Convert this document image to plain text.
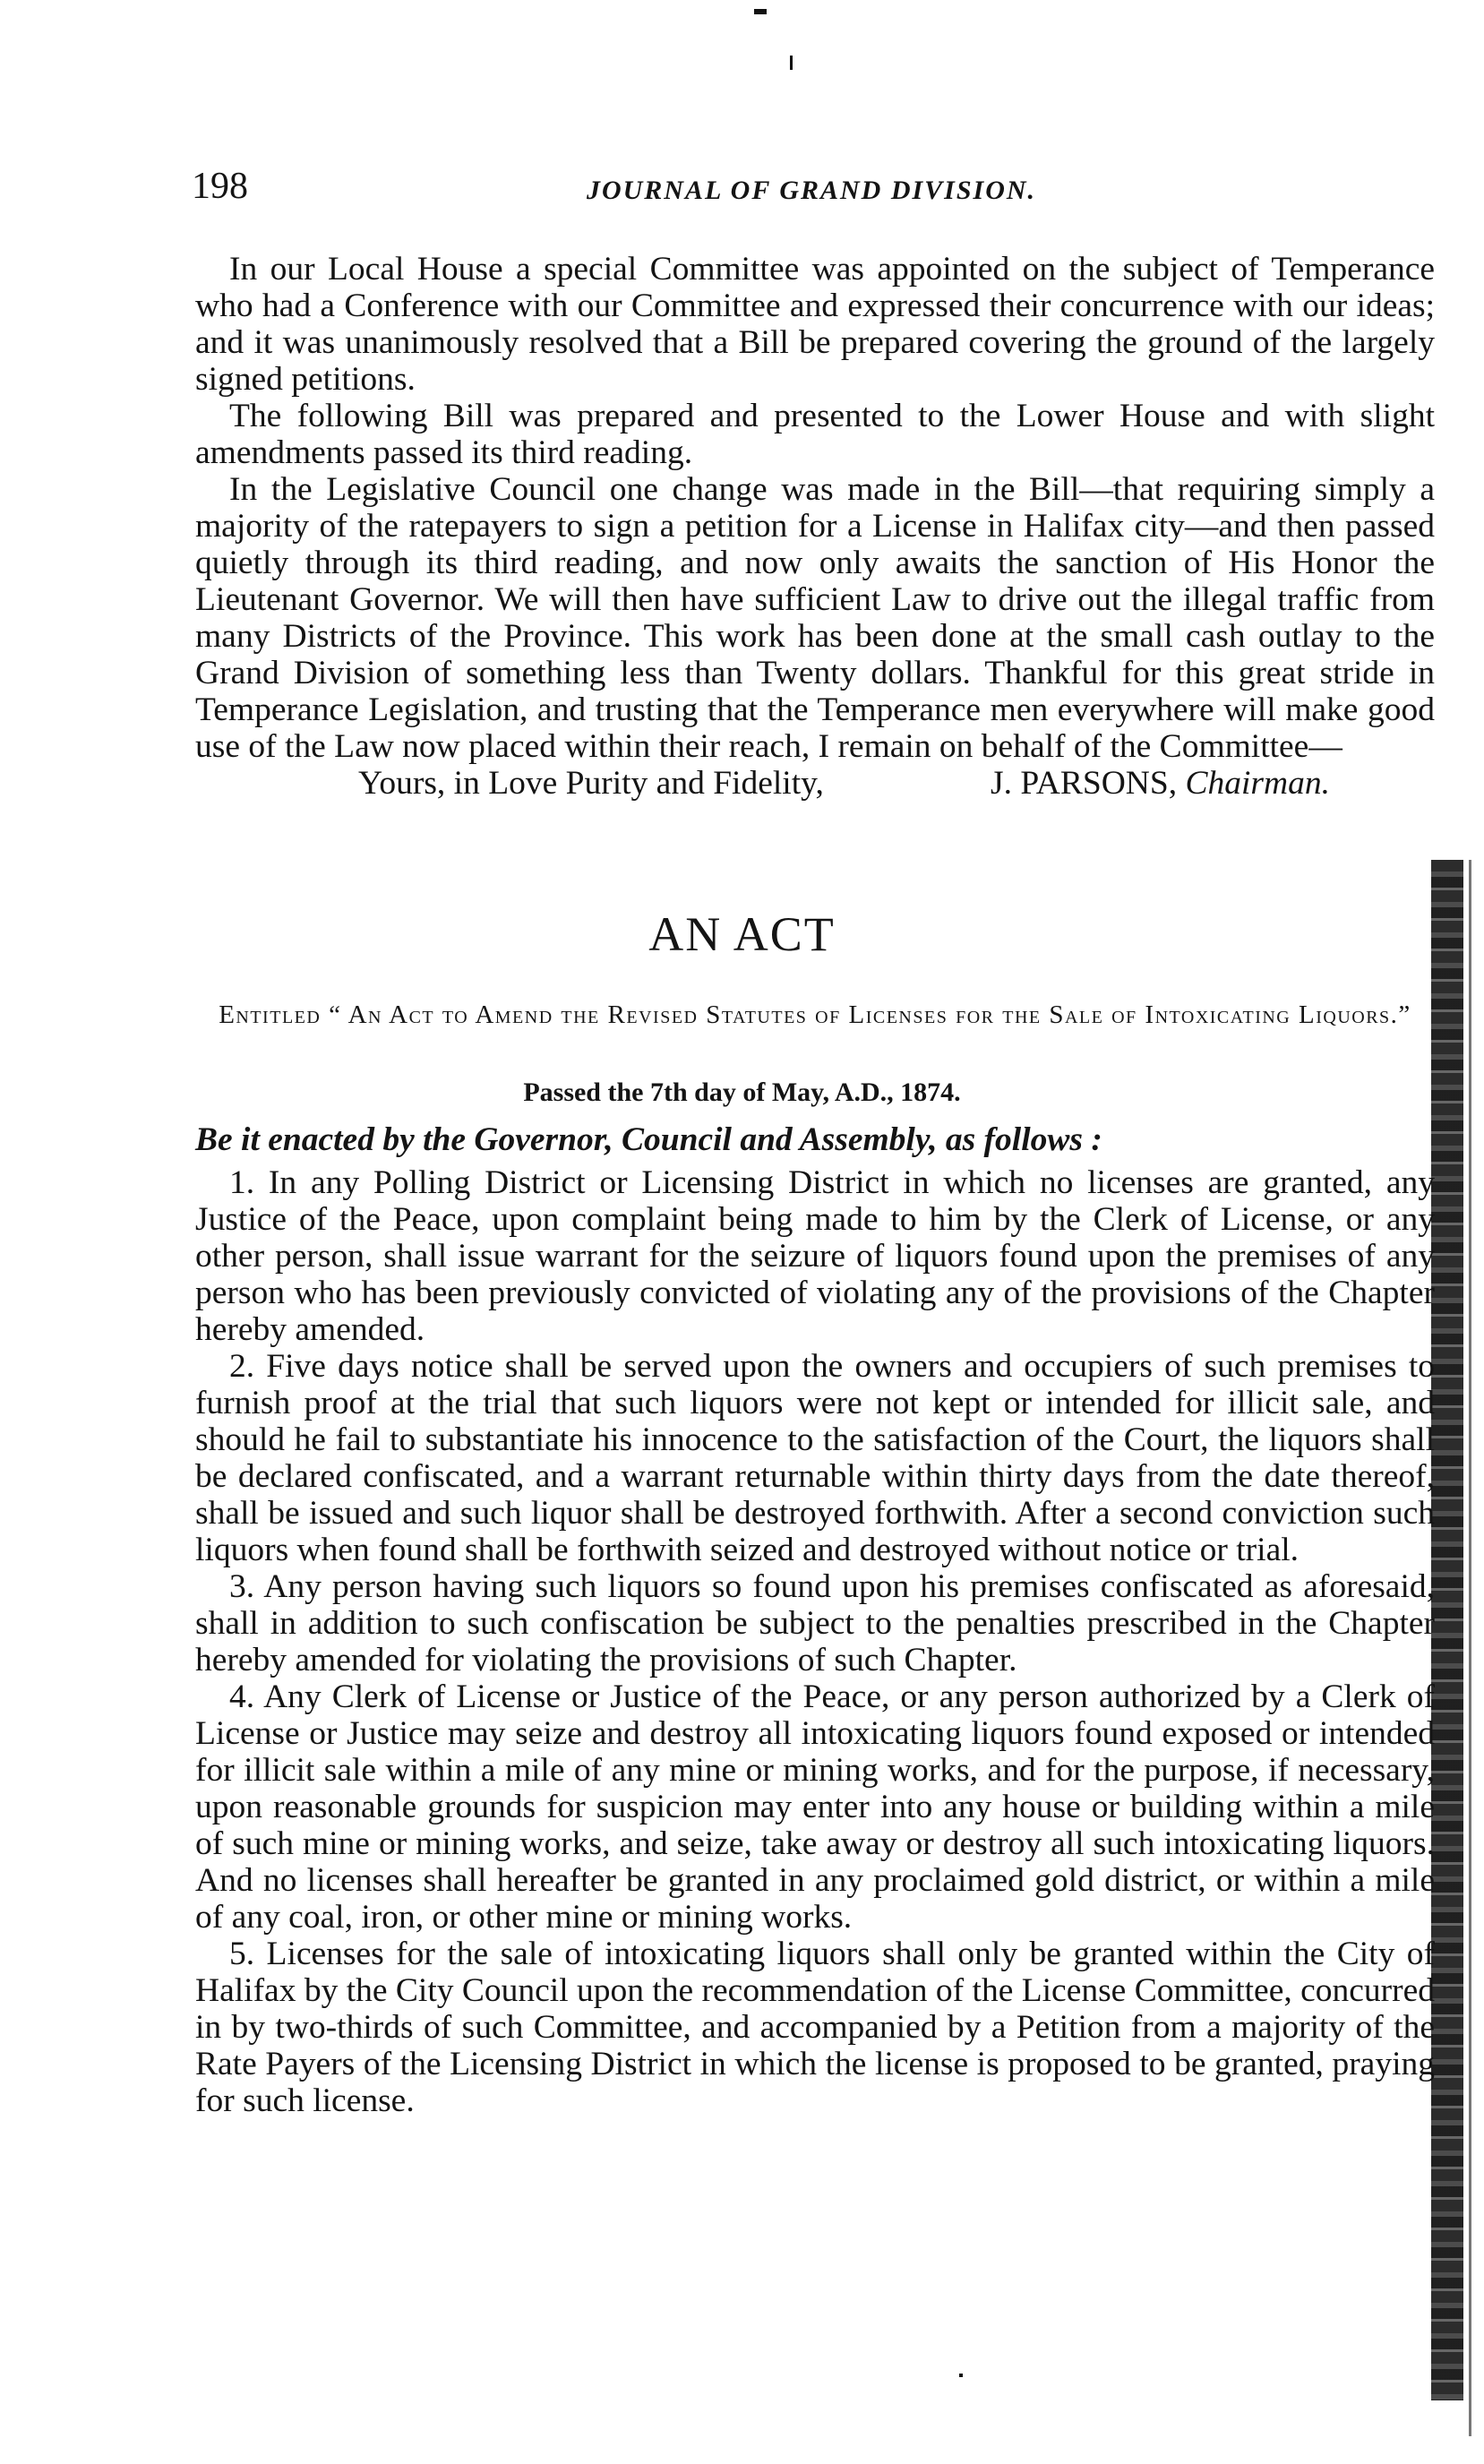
198	JOURNAL OF GRAND DIVISION.

In our Local House a special Committee was appointed on the subject of Temperance who had a Conference with our Committee and expressed their concurrence with our ideas; and it was unanimously resolved that a Bill be prepared covering the ground of the largely signed petitions.

The following Bill was prepared and presented to the Lower House and with slight amendments passed its third reading.

In the Legislative Council one change was made in the Bill—that requiring simply a majority of the ratepayers to sign a petition for a License in Halifax city—and then passed quietly through its third reading, and now only awaits the sanction of His Honor the Lieutenant Governor. We will then have sufficient Law to drive out the illegal traffic from many Districts of the Province. This work has been done at the small cash outlay to the Grand Division of something less than Twenty dollars. Thankful for this great stride in Temperance Legislation, and trusting that the Temperance men everywhere will make good use of the Law now placed within their reach, I remain on behalf of the Committee—

Yours, in Love Purity and Fidelity,	J. PARSONS,
Chairman.
AN ACT
Entitled “ An Act to Amend the Revised Statutes of Licenses for the Sale of Intoxicating Liquors.”
Passed the 7th day of May, A.D., 1874.
Be it enacted by the Governor, Council and Assembly, as follows :

1. In any Polling District or Licensing District in which no licenses are granted, any Justice of the Peace, upon complaint being made to him by the Clerk of License, or any other person, shall issue warrant for the seizure of liquors found upon the premises of any person who has been previously convicted of violating any of the provisions of the Chapter hereby amended.

2. Five days notice shall be served upon the owners and occupiers of such premises to furnish proof at the trial that such liquors were not kept or intended for illicit sale, and should he fail to substantiate his innocence to the satisfaction of the Court, the liquors shall be declared confiscated, and a warrant returnable within thirty days from the date thereof, shall be issued and such liquor shall be destroyed forthwith. After a second conviction such liquors when found shall be forthwith seized and destroyed without notice or trial.

3. Any person having such liquors so found upon his premises confiscated as aforesaid, shall in addition to such confiscation be subject to the penalties prescribed in the Chapter hereby amended for violating the provisions of such Chapter.

4. Any Clerk of License or Justice of the Peace, or any person authorized by a Clerk of License or Justice may seize and destroy all intoxicating liquors found exposed or intended for illicit sale within a mile of any mine or mining works, and for the purpose, if necessary, upon reasonable grounds for suspicion may enter into any house or building within a mile of such mine or mining works, and seize, take away or destroy all such intoxicating liquors. And no licenses shall hereafter be granted in any proclaimed gold district, or within a mile of any coal, iron, or other mine or mining works.

5. Licenses for the sale of intoxicating liquors shall only be granted within the City of Halifax by the City Council upon the recommendation of the License Committee, concurred in by two-thirds of such Committee, and accompanied by a Petition from a majority of the Rate Payers of the Licensing District in which the license is proposed to be granted, praying for such license.
